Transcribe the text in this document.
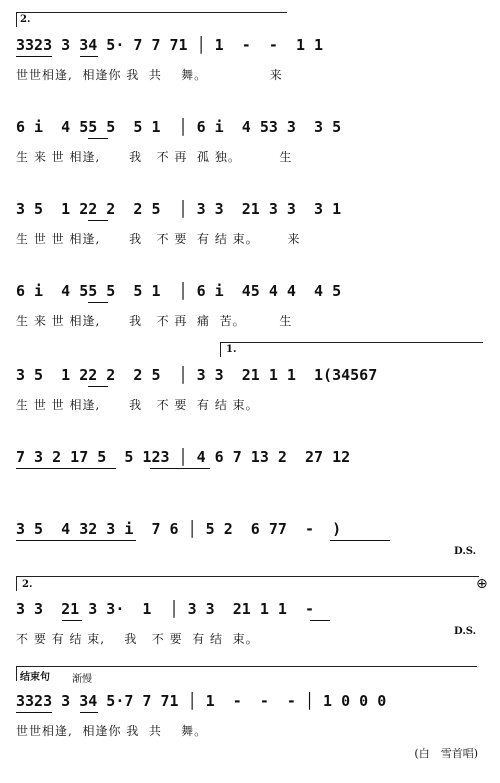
2.
3323 3 34 5· 7 7 71 │ 1  -  -  1 1
世世相逢,  相逢你 我  共    舞。             来
6 i  4 55 5  5 1  │ 6 i  4 53 3  3 5
生 来 世 相逢,      我   不 再  孤 独。        生
3 5  1 22 2  2 5  │ 3 3  21 3 3  3 1
生 世 世 相逢,      我   不 要  有 结 束。      来
6 i  4 55 5  5 1  │ 6 i  45 4 4  4 5
生 来 世 相逢,      我   不 再  痛  苦。       生
1.
3 5  1 22 2  2 5  │ 3 3  21 1 1  1(34567
生 世 世 相逢,      我   不 要  有 结 束。
7 3 2 17 5  5 123 │ 4 6 7 13 2  27 12
3 5  4 32 3 i  7 6 │ 5 2  6 77  -  )
D.S.
2.	⊕
3 3  21 3 3·  1  │ 3 3  21 1 1  -
不 要 有 结 束,    我   不 要  有 结  束。
D.S.
结束句 渐慢
3323 3 34 5·7 7 71 │ 1  -  -  - │ 1 0 0 0
世世相逢,  相逢你 我  共    舞。
(白　雪首唱)
